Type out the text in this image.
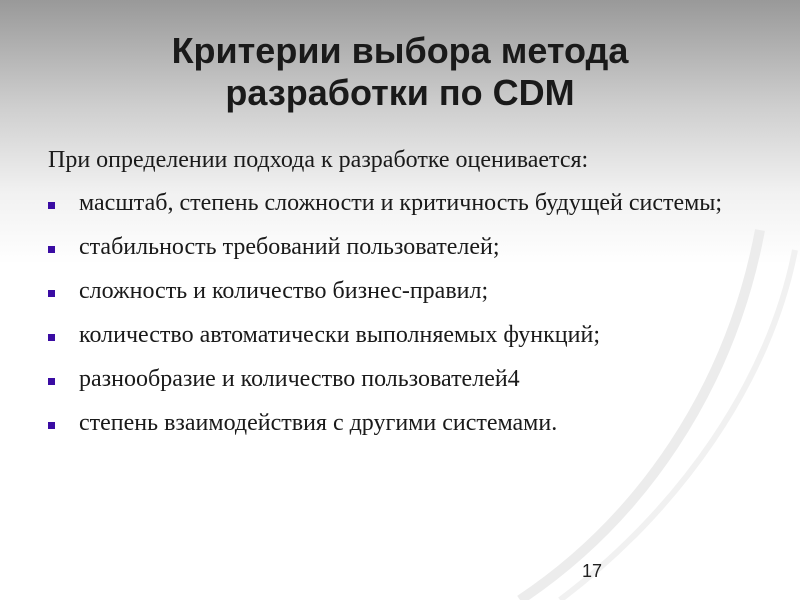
Критерии выбора метода
разработки по CDM

При определении подхода к разработке оценивается:

масштаб, степень сложности и критичность будущей системы;
стабильность требований пользователей;
сложность и количество бизнес-правил;
количество автоматически выполняемых функций;
разнообразие и количество пользователей4
степень взаимодействия с другими системами.
17
